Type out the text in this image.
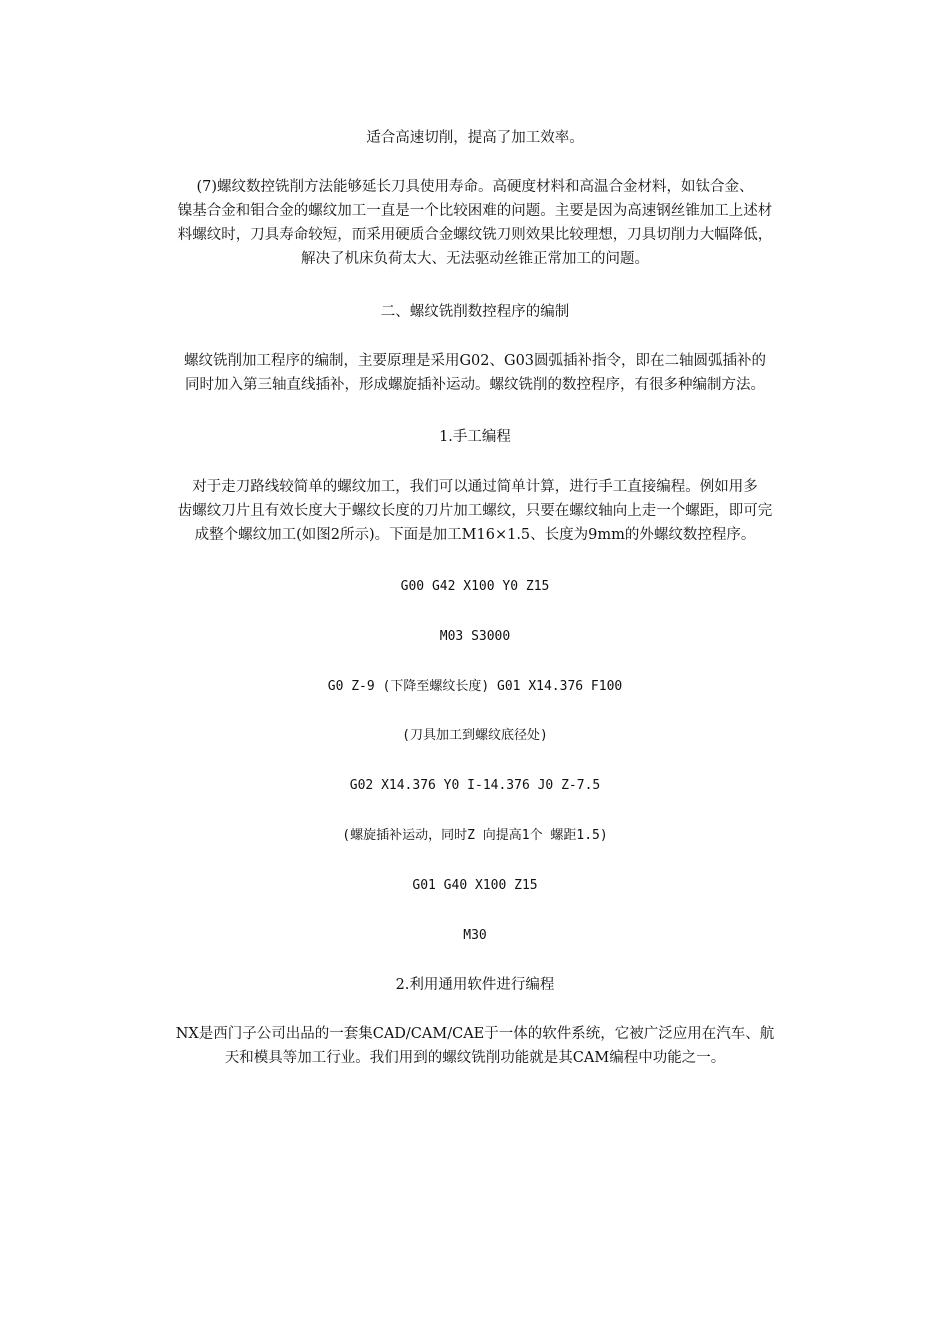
适合高速切削，提高了加工效率。

(7)螺纹数控铣削方法能够延长刀具使用寿命。高硬度材料和高温合金材料，如钛合金、
镍基合金和钼合金的螺纹加工一直是一个比较困难的问题。主要是因为高速钢丝锥加工上述材
料螺纹时，刀具寿命较短，而采用硬质合金螺纹铣刀则效果比较理想，刀具切削力大幅降低，
解决了机床负荷太大、无法驱动丝锥正常加工的问题。

二、螺纹铣削数控程序的编制

螺纹铣削加工程序的编制，主要原理是采用G02、G03圆弧插补指令，即在二轴圆弧插补的
同时加入第三轴直线插补，形成螺旋插补运动。螺纹铣削的数控程序，有很多种编制方法。

1.手工编程

对于走刀路线较简单的螺纹加工，我们可以通过简单计算，进行手工直接编程。例如用多
齿螺纹刀片且有效长度大于螺纹长度的刀片加工螺纹，只要在螺纹轴向上走一个螺距，即可完
成整个螺纹加工(如图2所示)。下面是加工M16×1.5、长度为9mm的外螺纹数控程序。

G00 G42 X100 Y0 Z15

M03 S3000

G0 Z-9 (下降至螺纹长度) G01 X14.376 F100

(刀具加工到螺纹底径处)

G02 X14.376 Y0 I-14.376 J0 Z-7.5

(螺旋插补运动，同时Z 向提高1个 螺距1.5)

G01 G40 X100 Z15

M30

2.利用通用软件进行编程

NX是西门子公司出品的一套集CAD/CAM/CAE于一体的软件系统，它被广泛应用在汽车、航
天和模具等加工行业。我们用到的螺纹铣削功能就是其CAM编程中功能之一。
